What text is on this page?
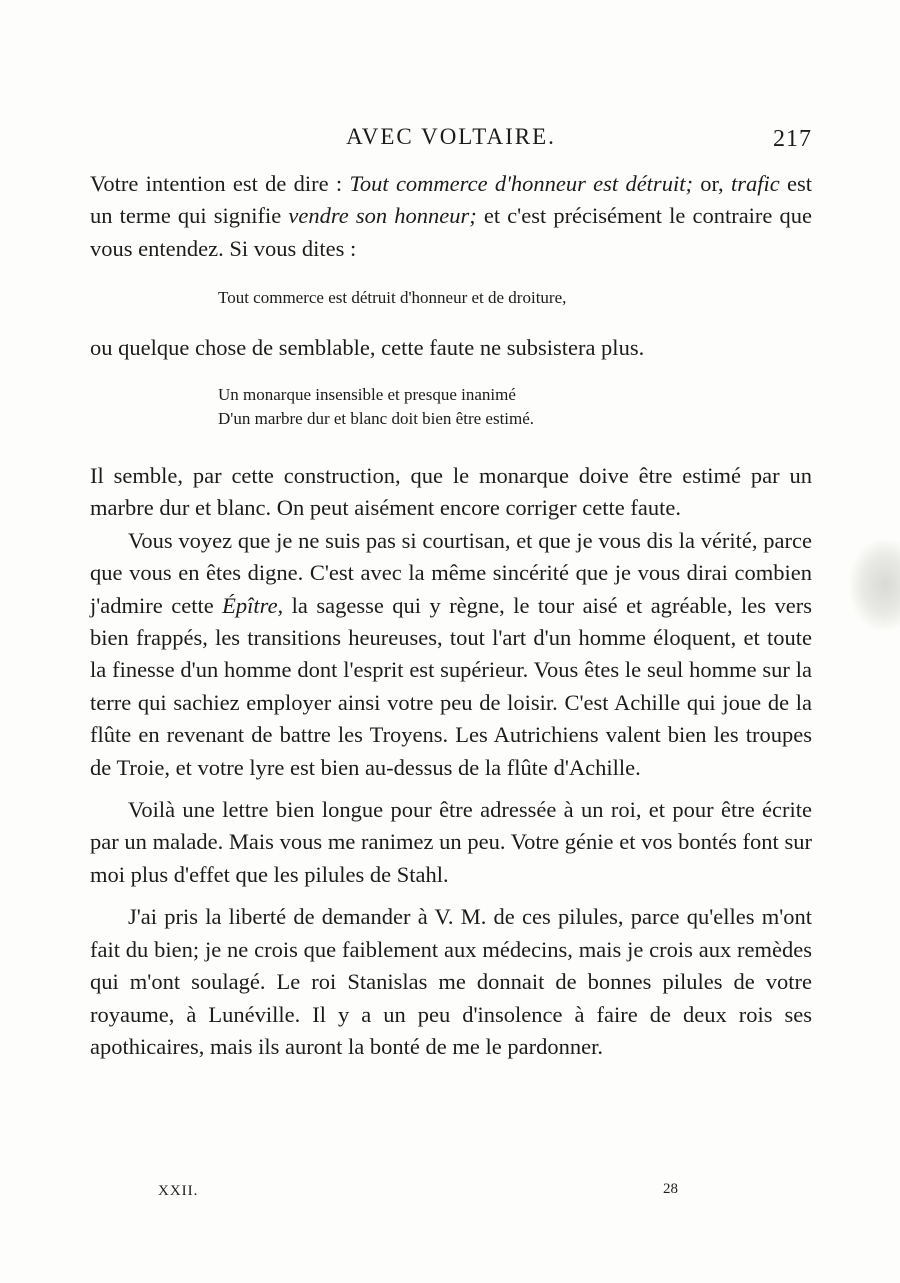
AVEC VOLTAIRE.	217

Votre intention est de dire : Tout commerce d'honneur est détruit; or, trafic est un terme qui signifie vendre son honneur; et c'est précisément le contraire que vous entendez. Si vous dites :

Tout commerce est détruit d'honneur et de droiture,

ou quelque chose de semblable, cette faute ne subsistera plus.

Un monarque insensible et presque inanimé

D'un marbre dur et blanc doit bien être estimé.

Il semble, par cette construction, que le monarque doive être estimé par un marbre dur et blanc. On peut aisément encore corriger cette faute.

Vous voyez que je ne suis pas si courtisan, et que je vous dis la vérité, parce que vous en êtes digne. C'est avec la même sincérité que je vous dirai combien j'admire cette Épître, la sagesse qui y règne, le tour aisé et agréable, les vers bien frappés, les transitions heureuses, tout l'art d'un homme éloquent, et toute la finesse d'un homme dont l'esprit est supérieur. Vous êtes le seul homme sur la terre qui sachiez employer ainsi votre peu de loisir. C'est Achille qui joue de la flûte en revenant de battre les Troyens. Les Autrichiens valent bien les troupes de Troie, et votre lyre est bien au-dessus de la flûte d'Achille.

Voilà une lettre bien longue pour être adressée à un roi, et pour être écrite par un malade. Mais vous me ranimez un peu. Votre génie et vos bontés font sur moi plus d'effet que les pilules de Stahl.

J'ai pris la liberté de demander à V. M. de ces pilules, parce qu'elles m'ont fait du bien; je ne crois que faiblement aux médecins, mais je crois aux remèdes qui m'ont soulagé. Le roi Stanislas me donnait de bonnes pilules de votre royaume, à Lunéville. Il y a un peu d'insolence à faire de deux rois ses apothicaires, mais ils auront la bonté de me le pardonner.

XXII.	28
